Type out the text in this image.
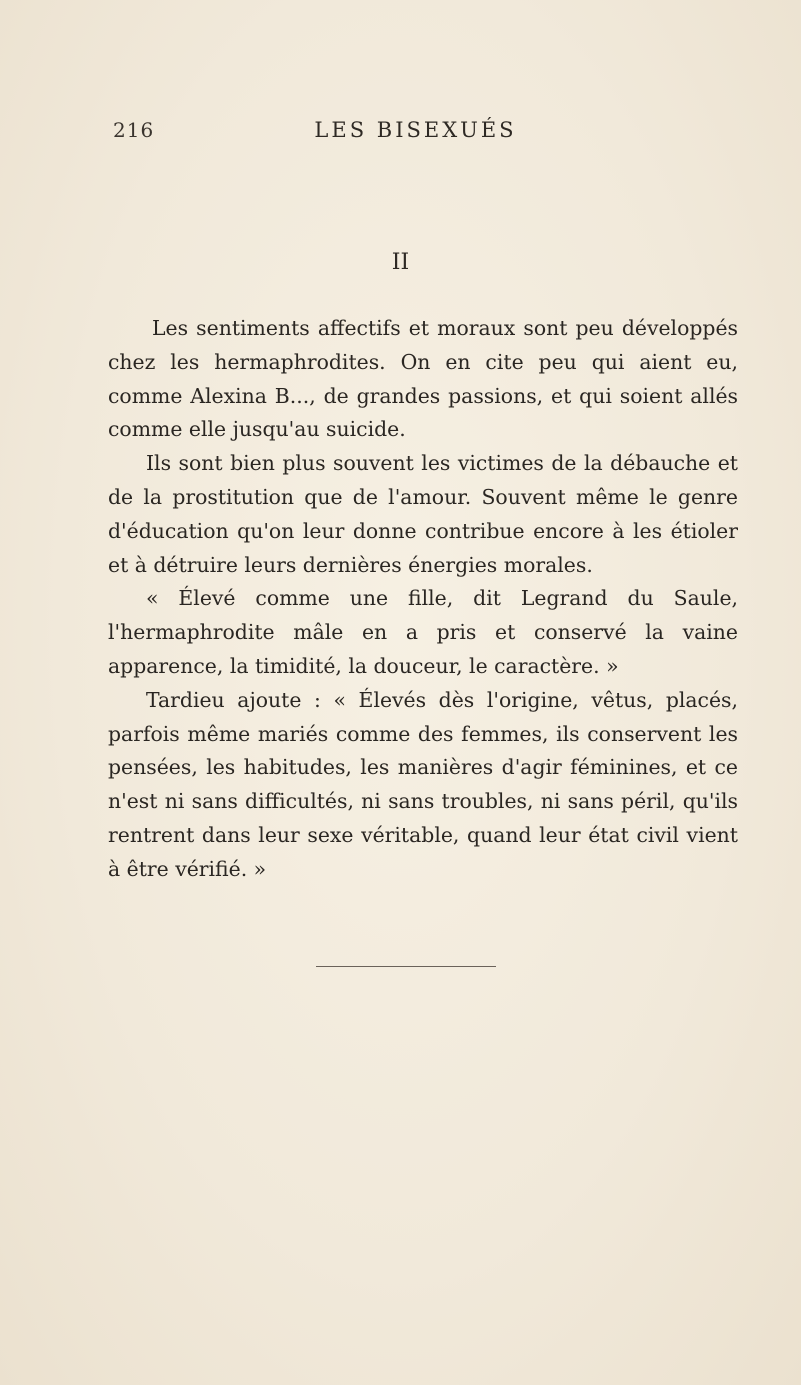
216	LES BISEXUÉS
II

Les sentiments affectifs et moraux sont peu développés chez les hermaphrodites. On en cite peu qui aient eu, comme Alexina B..., de grandes passions, et qui soient allés comme elle jusqu'au suicide.

Ils sont bien plus souvent les victimes de la débauche et de la prostitution que de l'amour. Souvent même le genre d'éducation qu'on leur donne contribue encore à les étioler et à détruire leurs dernières énergies morales.

« Élevé comme une fille, dit Legrand du Saule, l'hermaphrodite mâle en a pris et conservé la vaine apparence, la timidité, la douceur, le caractère. »

Tardieu ajoute : « Élevés dès l'origine, vêtus, placés, parfois même mariés comme des femmes, ils conservent les pensées, les habitudes, les manières d'agir féminines, et ce n'est ni sans difficultés, ni sans troubles, ni sans péril, qu'ils rentrent dans leur sexe véritable, quand leur état civil vient à être vérifié. »
